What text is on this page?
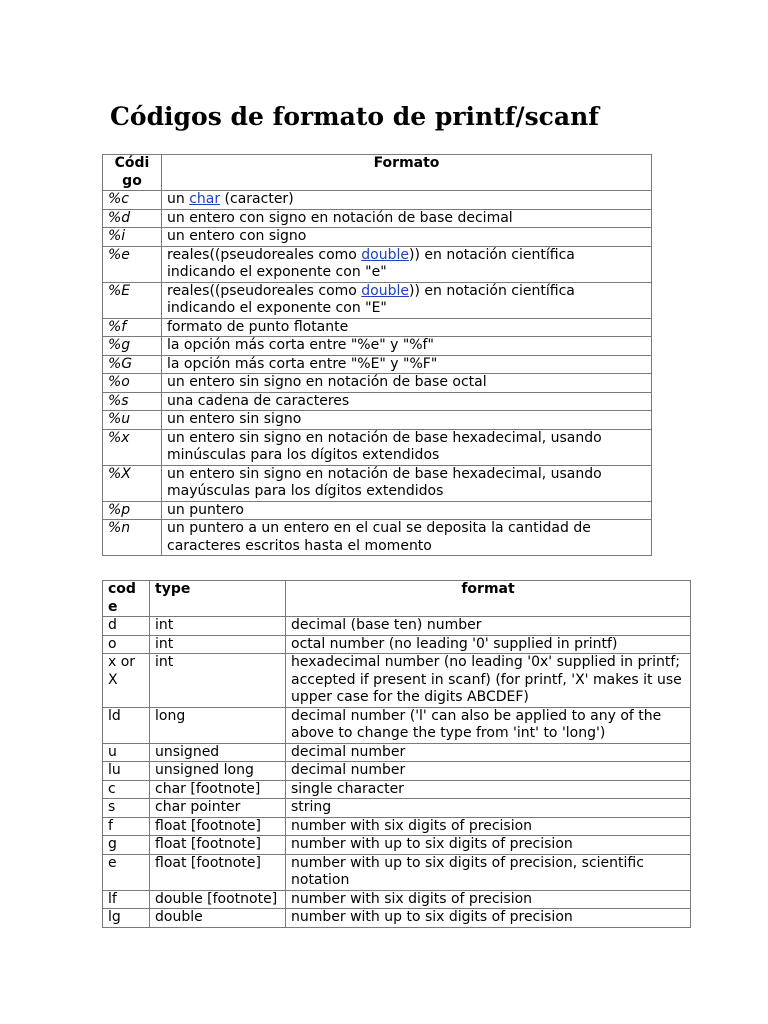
Códigos de formato de printf/scanf
Códi go	Formato
%c	un char (caracter)
%d	un entero con signo en notación de base decimal
%i	un entero con signo
%e	reales((pseudoreales como double)) en notación científica indicando el exponente con "e"
%E	reales((pseudoreales como double)) en notación científica indicando el exponente con "E"
%f	formato de punto flotante
%g	la opción más corta entre "%e" y "%f"
%G	la opción más corta entre "%E" y "%F"
%o	un entero sin signo en notación de base octal
%s	una cadena de caracteres
%u	un entero sin signo
%x	un entero sin signo en notación de base hexadecimal, usando minúsculas para los dígitos extendidos
%X	un entero sin signo en notación de base hexadecimal, usando mayúsculas para los dígitos extendidos
%p	un puntero
%n	un puntero a un entero en el cual se deposita la cantidad de caracteres escritos hasta el momento
cod e	type	format
d	int	decimal (base ten) number
o	int	octal number (no leading '0' supplied in printf)
x or X	int	hexadecimal number (no leading '0x' supplied in printf; accepted if present in scanf) (for printf, 'X' makes it use upper case for the digits ABCDEF)
ld	long	decimal number ('l' can also be applied to any of the above to change the type from 'int' to 'long')
u	unsigned	decimal number
lu	unsigned long	decimal number
c	char [footnote]	single character
s	char pointer	string
f	float [footnote]	number with six digits of precision
g	float [footnote]	number with up to six digits of precision
e	float [footnote]	number with up to six digits of precision, scientific notation
lf	double [footnote]	number with six digits of precision
lg	double	number with up to six digits of precision
